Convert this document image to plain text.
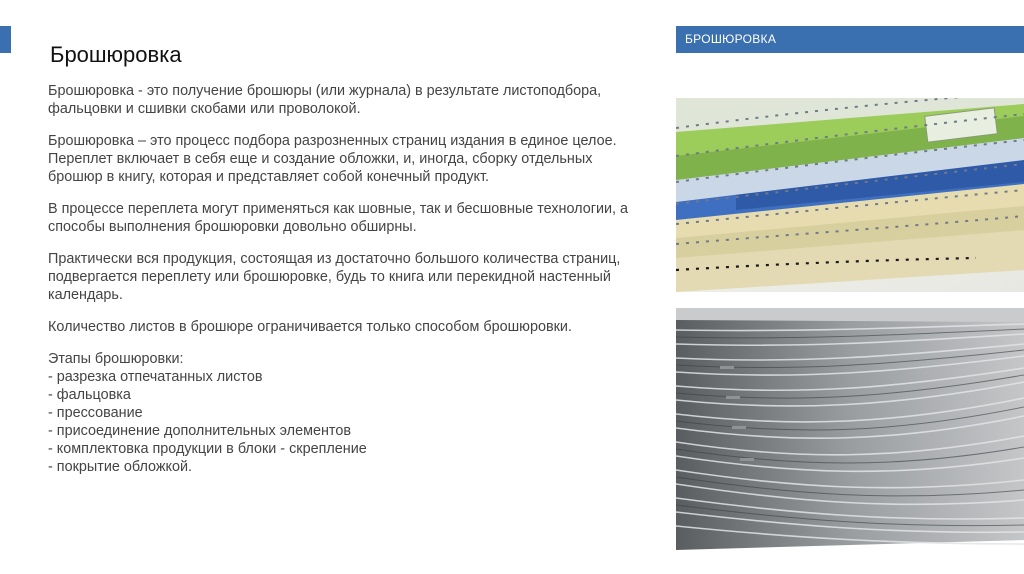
Брошюровка

Брошюровка - это получение брошюры (или журнала) в результате листоподбора, фальцовки и сшивки скобами или проволокой.

Брошюровка – это процесс подбора разрозненных страниц издания в единое целое. Переплет включает в себя еще и создание обложки, и, иногда, сборку отдельных брошюр в книгу, которая и представляет собой конечный продукт.

В процессе переплета могут применяться как шовные, так и бесшовные технологии, а способы выполнения брошюровки довольно обширны.

Практически вся продукция, состоящая из достаточно большого количества страниц, подвергается переплету или брошюровке, будь то книга или перекидной настенный календарь.

Количество листов в брошюре ограничивается только способом брошюровки.

Этапы брошюровки:
- разрезка отпечатанных листов
- фальцовка
- прессование
- присоединение дополнительных элементов
- комплектовка продукции в блоки - скрепление
- покрытие обложкой.
БРОШЮРОВКА
